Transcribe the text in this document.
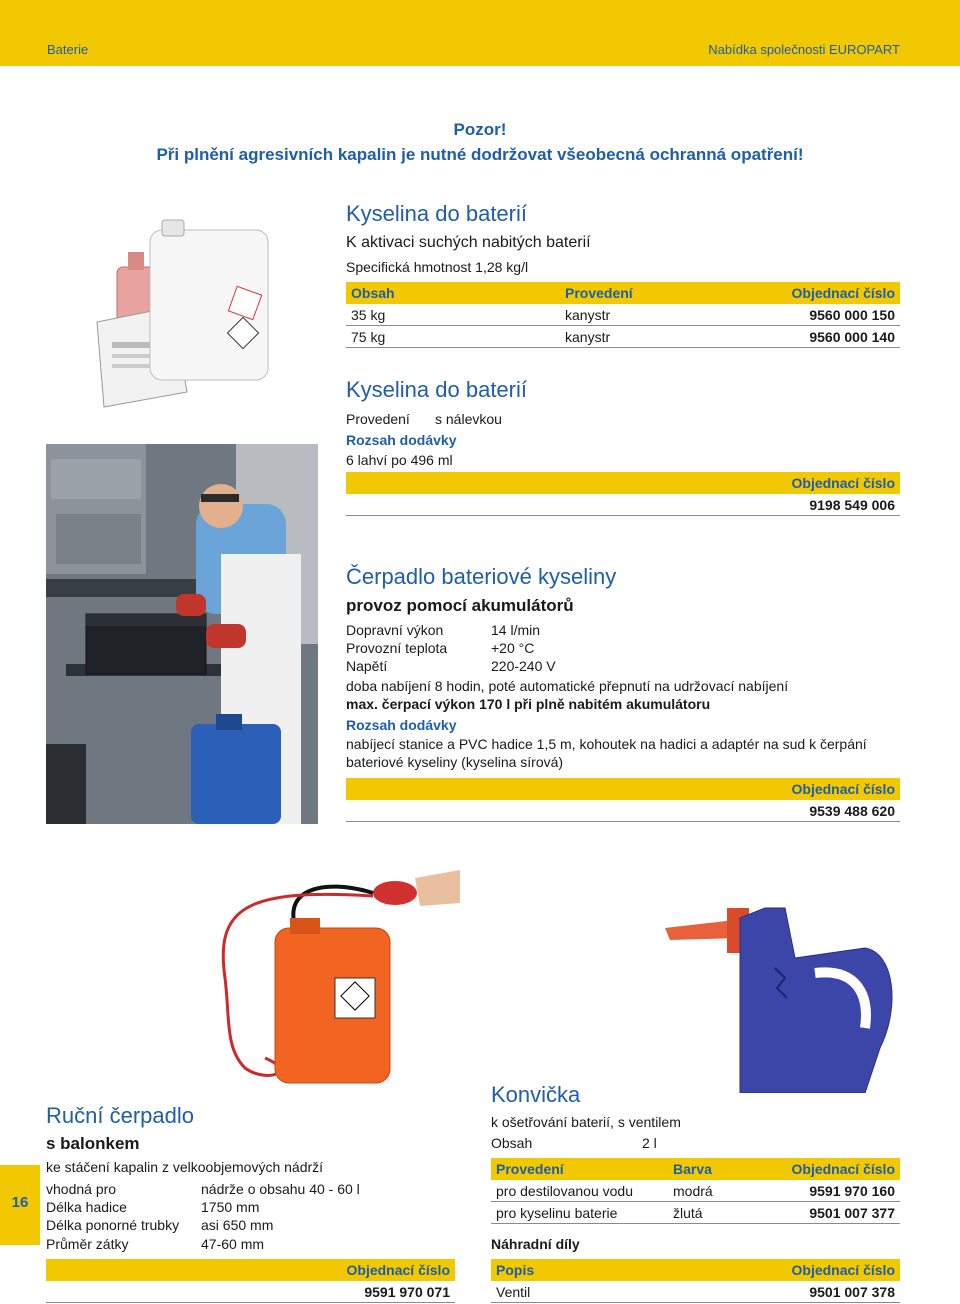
Baterie	Nabídka společnosti EUROPART
Pozor!
Při plnění agresivních kapalin je nutné dodržovat všeobecná ochranná opatření!
Kyselina do baterií
K aktivaci suchých nabitých baterií
Specifická hmotnost 1,28 kg/l
Obsah	Provedení	Objednací číslo
35 kg	kanystr	9560 000 150
75 kg	kanystr	9560 000 140
Kyselina do baterií
Provedení s nálevkou
Rozsah dodávky
6 lahví po 496 ml
Objednací číslo
9198 549 006
Čerpadlo bateriové kyseliny
provoz pomocí akumulátorů
Dopravní výkon	14 l/min
Provozní teplota	+20 °C
Napětí	220-240 V
doba nabíjení 8 hodin, poté automatické přepnutí na udržovací nabíjení
max. čerpací výkon 170 l při plně nabitém akumulátoru
Rozsah dodávky
nabíjecí stanice a PVC hadice 1,5 m, kohoutek na hadici a adaptér na sud k čerpání
bateriové kyseliny (kyselina sírová)
Objednací číslo
9539 488 620
Ruční čerpadlo
s balonkem
ke stáčení kapalin z velkoobjemových nádrží
vhodná pro	nádrže o obsahu 40 - 60 l
Délka hadice	1750 mm
Délka ponorné trubky asi 650 mm
Průměr zátky	47-60 mm
Objednací číslo
9591 970 071
Konvička
k ošetřování baterií, s ventilem
Obsah	2 l
Provedení	Barva	Objednací číslo
pro destilovanou vodu	modrá	9591 970 160
pro kyselinu baterie	žlutá	9501 007 377
Náhradní díly
Popis	Objednací číslo
Ventil	9501 007 378
16
